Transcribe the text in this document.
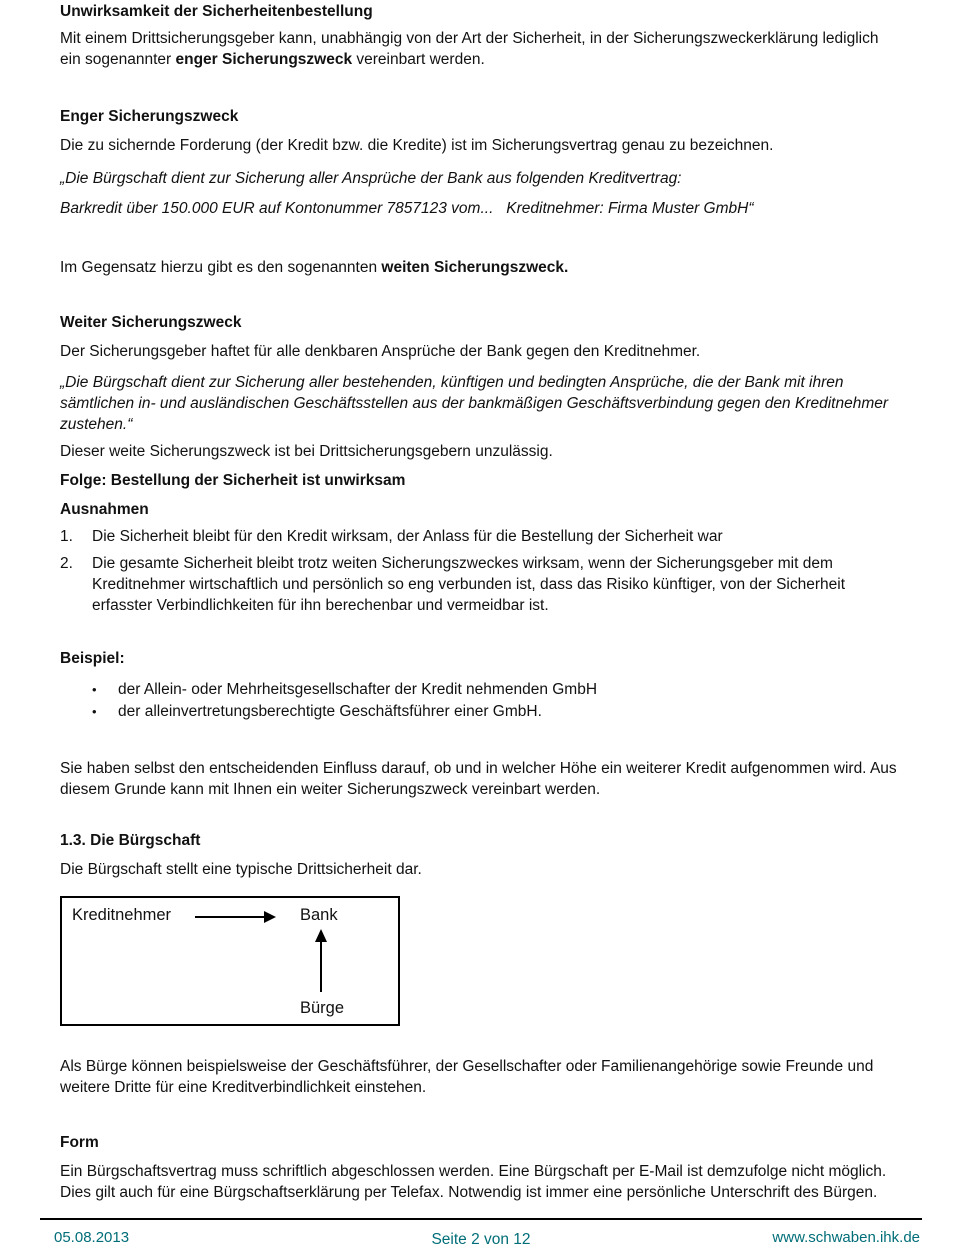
Unwirksamkeit der Sicherheitenbestellung

Mit einem Drittsicherungsgeber kann, unabhängig von der Art der Sicherheit, in der Sicherungszweckerklärung lediglich ein sogenannter enger Sicherungszweck vereinbart werden.

Enger Sicherungszweck

Die zu sichernde Forderung (der Kredit bzw. die Kredite) ist im Sicherungsvertrag genau zu bezeichnen.

„Die Bürgschaft dient zur Sicherung aller Ansprüche der Bank aus folgenden Kreditvertrag:
Barkredit über 150.000 EUR auf Kontonummer 7857123 vom...   Kreditnehmer: Firma Muster GmbH“

Im Gegensatz hierzu gibt es den sogenannten weiten Sicherungszweck.

Weiter Sicherungszweck

Der Sicherungsgeber haftet für alle denkbaren Ansprüche der Bank gegen den Kreditnehmer.

„Die Bürgschaft dient zur Sicherung aller bestehenden, künftigen und bedingten Ansprüche, die der Bank mit ihren sämtlichen in- und ausländischen Geschäftsstellen aus der bankmäßigen Geschäftsverbindung gegen den Kreditnehmer zustehen.“

Dieser weite Sicherungszweck ist bei Drittsicherungsgebern unzulässig.

Folge: Bestellung der Sicherheit ist unwirksam

Ausnahmen

1.	Die Sicherheit bleibt für den Kredit wirksam, der Anlass für die Bestellung der Sicherheit war
2.	Die gesamte Sicherheit bleibt trotz weiten Sicherungszweckes wirksam, wenn der Sicherungsgeber mit dem Kreditnehmer wirtschaftlich und persönlich so eng verbunden ist, dass das Risiko künftiger, von der Sicherheit erfasster Verbindlichkeiten für ihn berechenbar und vermeidbar ist.

Beispiel:

•
der Allein- oder Mehrheitsgesellschafter der Kredit nehmenden GmbH
•
der alleinvertretungsberechtigte Geschäftsführer einer GmbH.

Sie haben selbst den entscheidenden Einfluss darauf, ob und in welcher Höhe ein weiterer Kredit aufgenommen wird. Aus diesem Grunde kann mit Ihnen ein weiter Sicherungszweck vereinbart werden.

1.3. Die Bürgschaft

Die Bürgschaft stellt eine typische Drittsicherheit dar.

Kreditnehmer	Bank
Bürge

Als Bürge können beispielsweise der Geschäftsführer, der Gesellschafter oder Familienangehörige sowie Freunde und weitere Dritte für eine Kreditverbindlichkeit einstehen.

Form

Ein Bürgschaftsvertrag muss schriftlich abgeschlossen werden. Eine Bürgschaft per E-Mail ist demzufolge nicht möglich. Dies gilt auch für eine Bürgschaftserklärung per Telefax. Notwendig ist immer eine persönliche Unterschrift des Bürgen.

05.08.2013	www.schwaben.ihk.de
Seite 2 von 12
